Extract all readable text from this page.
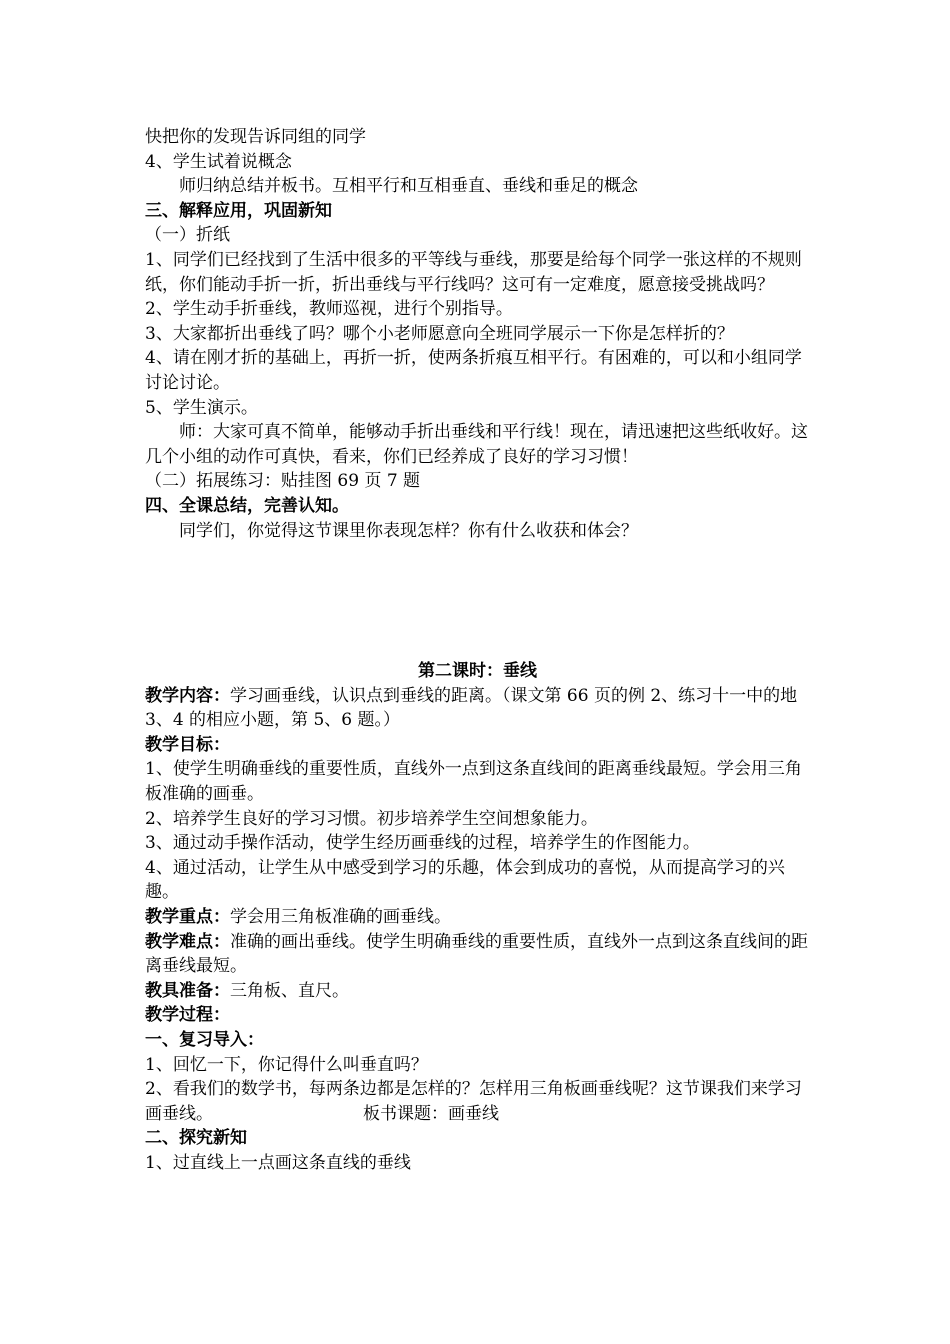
快把你的发现告诉同组的同学

4、学生试着说概念

师归纳总结并板书。互相平行和互相垂直、垂线和垂足的概念

三、解释应用，巩固新知

（一）折纸

1、同学们已经找到了生活中很多的平等线与垂线，那要是给每个同学一张这样的不规则纸，你们能动手折一折，折出垂线与平行线吗？这可有一定难度，愿意接受挑战吗？

2、学生动手折垂线，教师巡视，进行个别指导。

3、大家都折出垂线了吗？哪个小老师愿意向全班同学展示一下你是怎样折的？

4、请在刚才折的基础上，再折一折，使两条折痕互相平行。有困难的，可以和小组同学讨论讨论。

5、学生演示。

师：大家可真不简单，能够动手折出垂线和平行线！现在，请迅速把这些纸收好。这几个小组的动作可真快，看来，你们已经养成了良好的学习习惯！

（二）拓展练习：贴挂图 69 页 7 题

四、全课总结，完善认知。

同学们，你觉得这节课里你表现怎样？你有什么收获和体会？

第二课时：垂线

教学内容：学习画垂线，认识点到垂线的距离。（课文第 66 页的例 2、练习十一中的地 3、4 的相应小题，第 5、6 题。）

教学目标：

1、使学生明确垂线的重要性质，直线外一点到这条直线间的距离垂线最短。学会用三角板准确的画垂。

2、培养学生良好的学习习惯。初步培养学生空间想象能力。

3、通过动手操作活动，使学生经历画垂线的过程，培养学生的作图能力。

4、通过活动，让学生从中感受到学习的乐趣，体会到成功的喜悦，从而提高学习的兴趣。

教学重点：学会用三角板准确的画垂线。

教学难点：准确的画出垂线。使学生明确垂线的重要性质，直线外一点到这条直线间的距离垂线最短。

教具准备：三角板、直尺。

教学过程：

一、复习导入：

1、回忆一下，你记得什么叫垂直吗？

2、看我们的数学书，每两条边都是怎样的？怎样用三角板画垂线呢？这节课我们来学习画垂线。	板书课题：画垂线

二、探究新知

1、过直线上一点画这条直线的垂线
